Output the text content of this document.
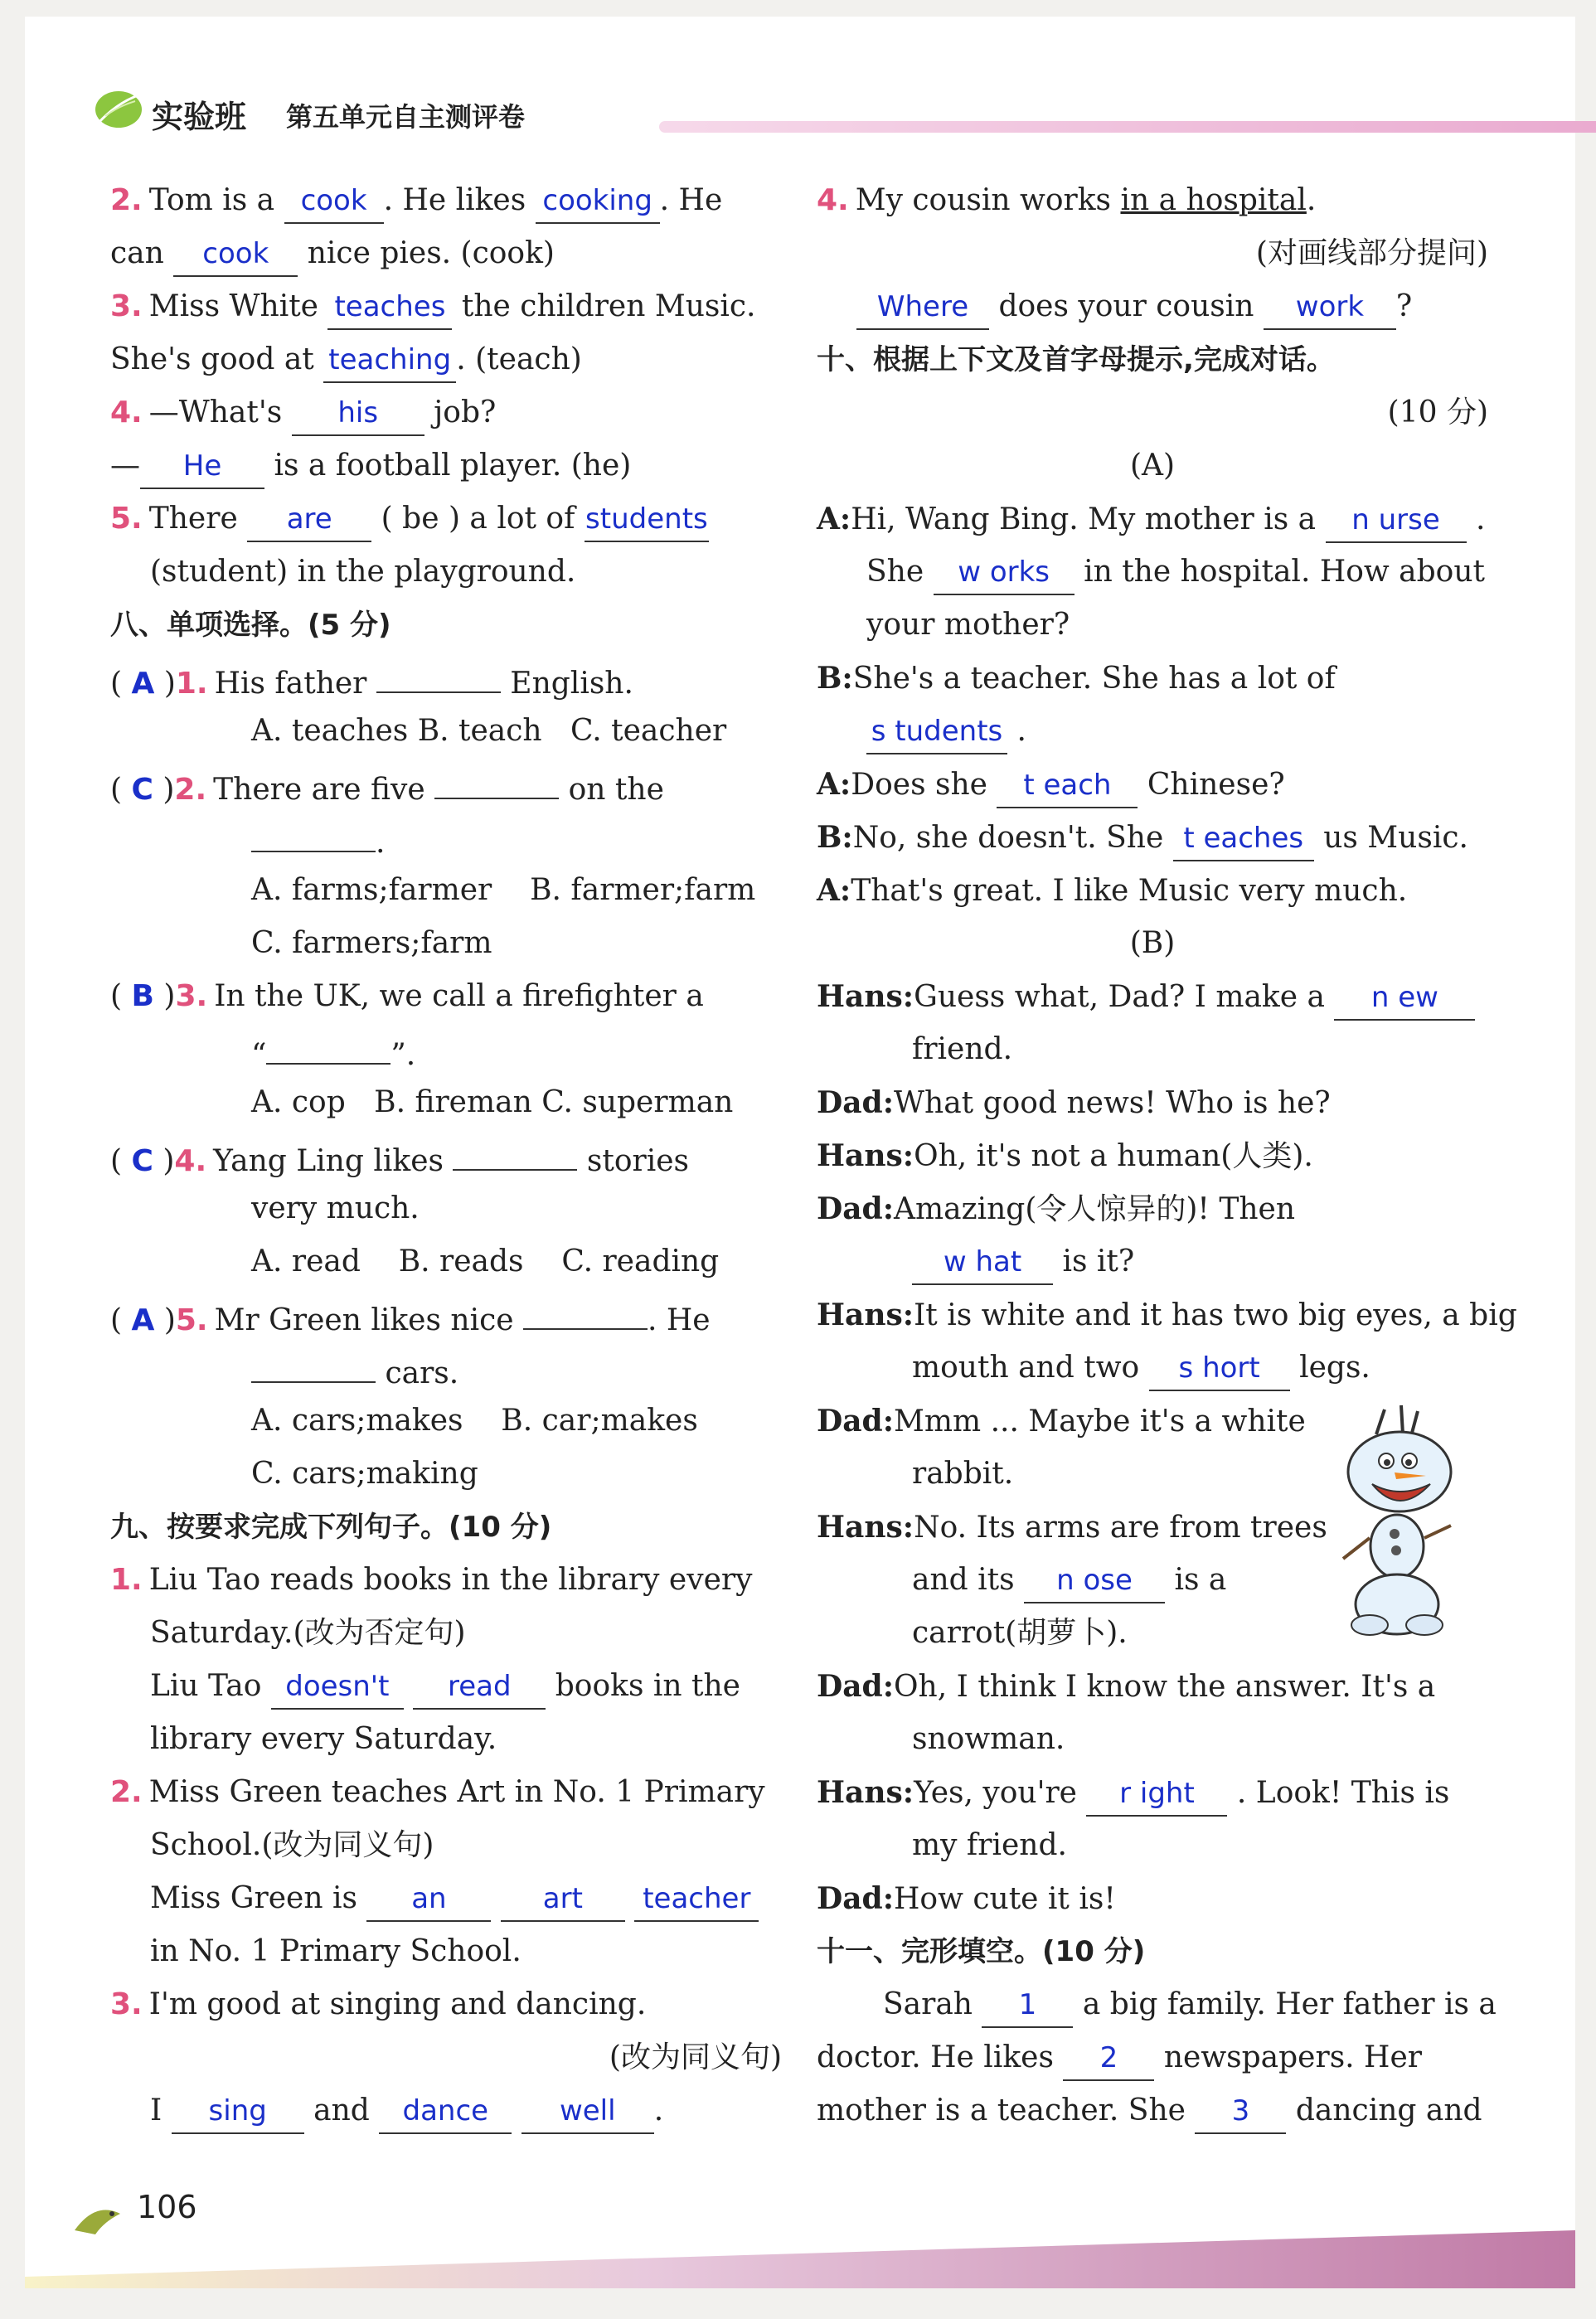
实验班 第五单元自主测评卷
2. Tom is a cook . He likes cooking . He
can cook nice pies. (cook)
3. Miss White teaches the children Music.
She's good at teaching . (teach)
4. —What's his job?
— He is a football player. (he)
5. There are ( be ) a lot of students
(student) in the playground.
八、单项选择。(5 分)
( A )1. His father	English.
A. teaches B. teach C. teacher
( C )2. There are five	on the
.
A. farms;farmer B. farmer;farm
C. farmers;farm
( B )3. In the UK, we call a firefighter a
“	”.
A. cop B. fireman C. superman
( C )4. Yang Ling likes	stories
very much.
A. read B. reads C. reading
( A )5. Mr Green likes nice	. He
cars.
A. cars;makes B. car;makes
C. cars;making
九、按要求完成下列句子。(10 分)
1. Liu Tao reads books in the library every
Saturday.(改为否定句)
Liu Tao doesn't read books in the
library every Saturday.
2. Miss Green teaches Art in No. 1 Primary
School.(改为同义句)
Miss Green is an	art teacher
in No. 1 Primary School.
3. I'm good at singing and dancing.
(改为同义句)
I sing and dance	well .
4. My cousin works in a hospital.
(对画线部分提问)
Where does your cousin work ?
十、根据上下文及首字母提示,完成对话。
(10 分)
(A)
A:Hi, Wang Bing. My mother is a n urse .
She w orks in the hospital. How about
your mother?
B:She's a teacher. She has a lot of
s tudents .
A:Does she t each Chinese?
B:No, she doesn't. She t eaches us Music.
A:That's great. I like Music very much.
(B)
Hans:Guess what, Dad? I make a n ew
friend.
Dad:What good news! Who is he?
Hans:Oh, it's not a human(人类).
Dad:Amazing(令人惊异的)! Then
w hat is it?
Hans:It is white and it has two big eyes, a big
mouth and two s hort legs.
Dad:Mmm ... Maybe it's a white
rabbit.
Hans:No. Its arms are from trees
and its n ose is a
carrot(胡萝卜).
Dad:Oh, I think I know the answer. It's a
snowman.
Hans:Yes, you're r ight . Look! This is
my friend.
Dad:How cute it is!
十一、完形填空。(10 分)
Sarah 1 a big family. Her father is a
doctor. He likes 2 newspapers. Her
mother is a teacher. She 3 dancing and
106
